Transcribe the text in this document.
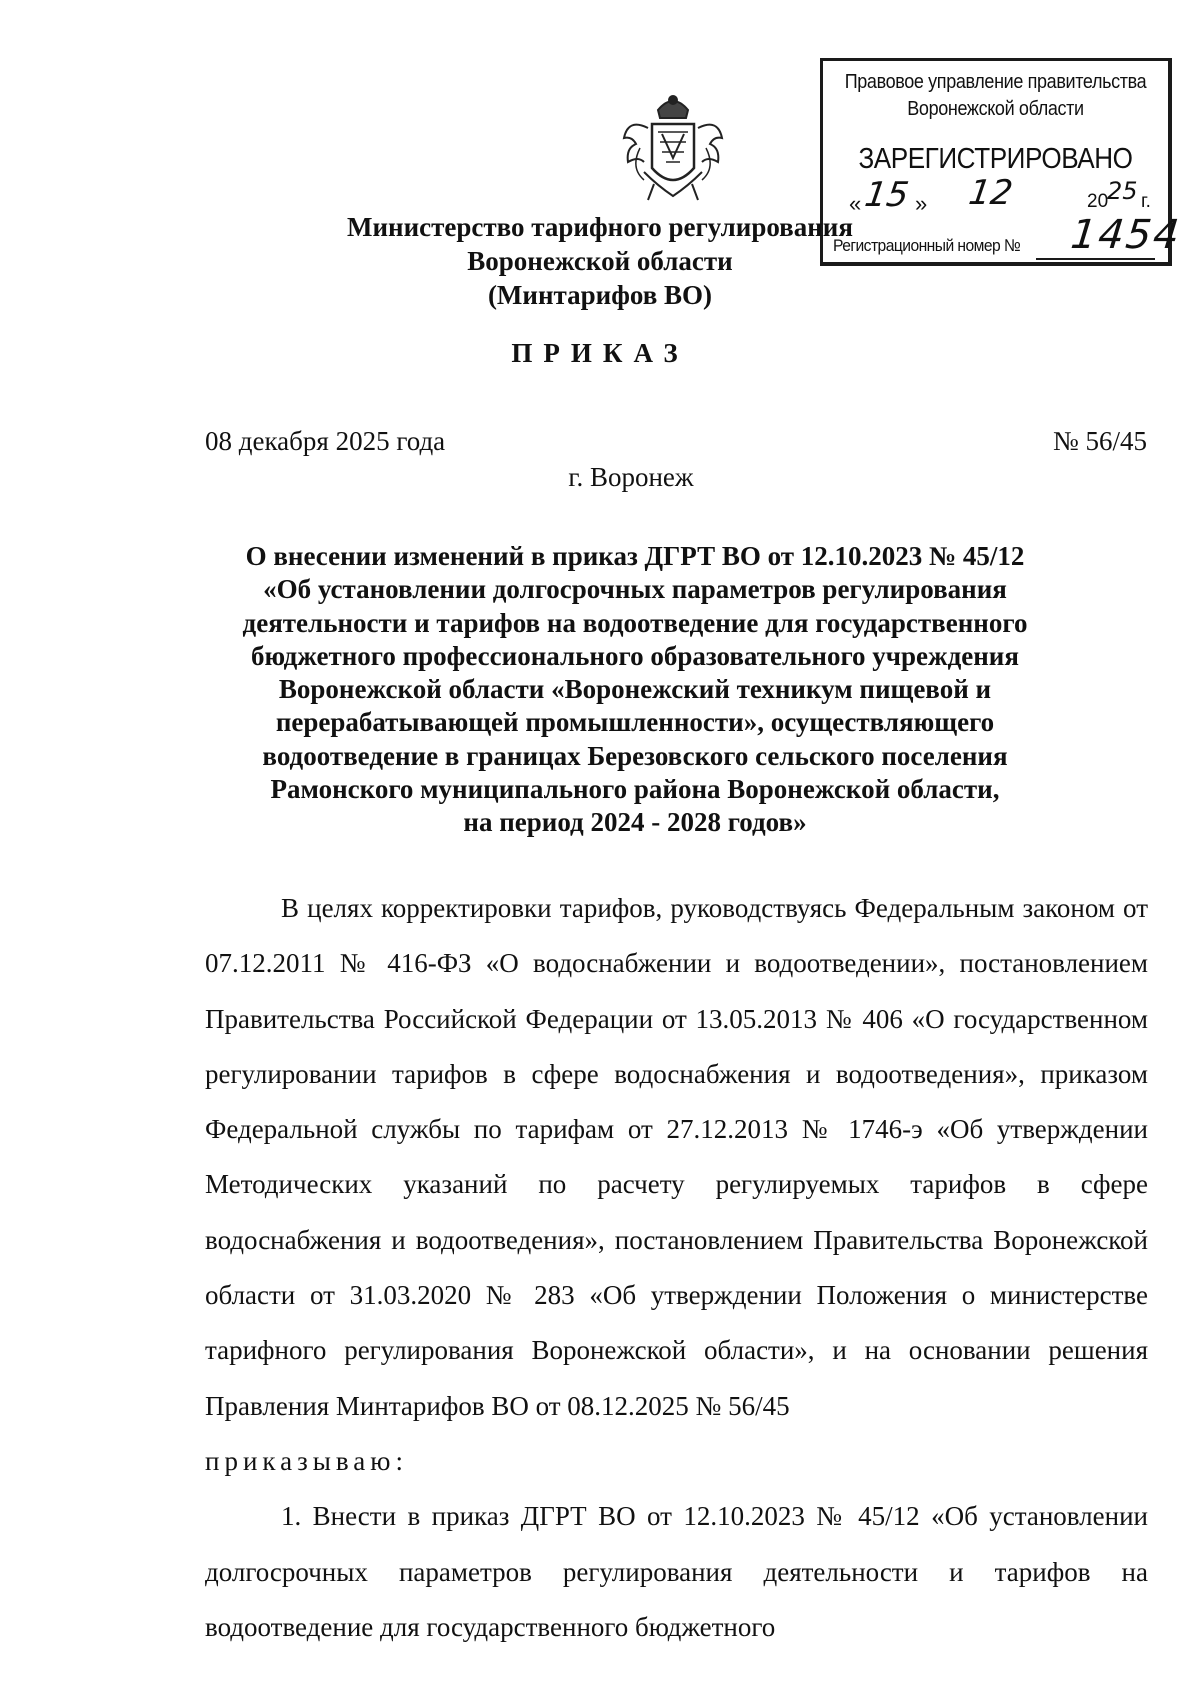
Правовое управление правительства
Воронежской области
ЗАРЕГИСТРИРОВАНО
« 15 » 12	20
25 г.
Регистрационный номер № 1454
Министерство тарифного регулирования
Воронежской области
(Минтарифов ВО)
ПРИКАЗ
08 декабря 2025 года	№ 56/45
г. Воронеж
О внесении изменений в приказ ДГРТ ВО от 12.10.2023 № 45/12
«Об установлении долгосрочных параметров регулирования
деятельности и тарифов на водоотведение для государственного
бюджетного профессионального образовательного учреждения
Воронежской области «Воронежский техникум пищевой и
перерабатывающей промышленности», осуществляющего
водоотведение в границах Березовского сельского поселения
Рамонского муниципального района Воронежской области,
на период 2024 - 2028 годов»

В целях корректировки тарифов, руководствуясь Федеральным законом от 07.12.2011 № 416-ФЗ «О водоснабжении и водоотведении», постановлением Правительства Российской Федерации от 13.05.2013 № 406 «О государственном регулировании тарифов в сфере водоснабжения и водоотведения», приказом Федеральной службы по тарифам от 27.12.2013 № 1746-э «Об утверждении Методических указаний по расчету регулируемых тарифов в сфере водоснабжения и водоотведения», постановлением Правительства Воронежской области от 31.03.2020 № 283 «Об утверждении Положения о министерстве тарифного регулирования Воронежской области», и на основании решения Правления Минтарифов ВО от 08.12.2025 № 56/45

приказываю:

1. Внести в приказ ДГРТ ВО от 12.10.2023 № 45/12 «Об установлении долгосрочных параметров регулирования деятельности и тарифов на водоотведение для государственного бюджетного
